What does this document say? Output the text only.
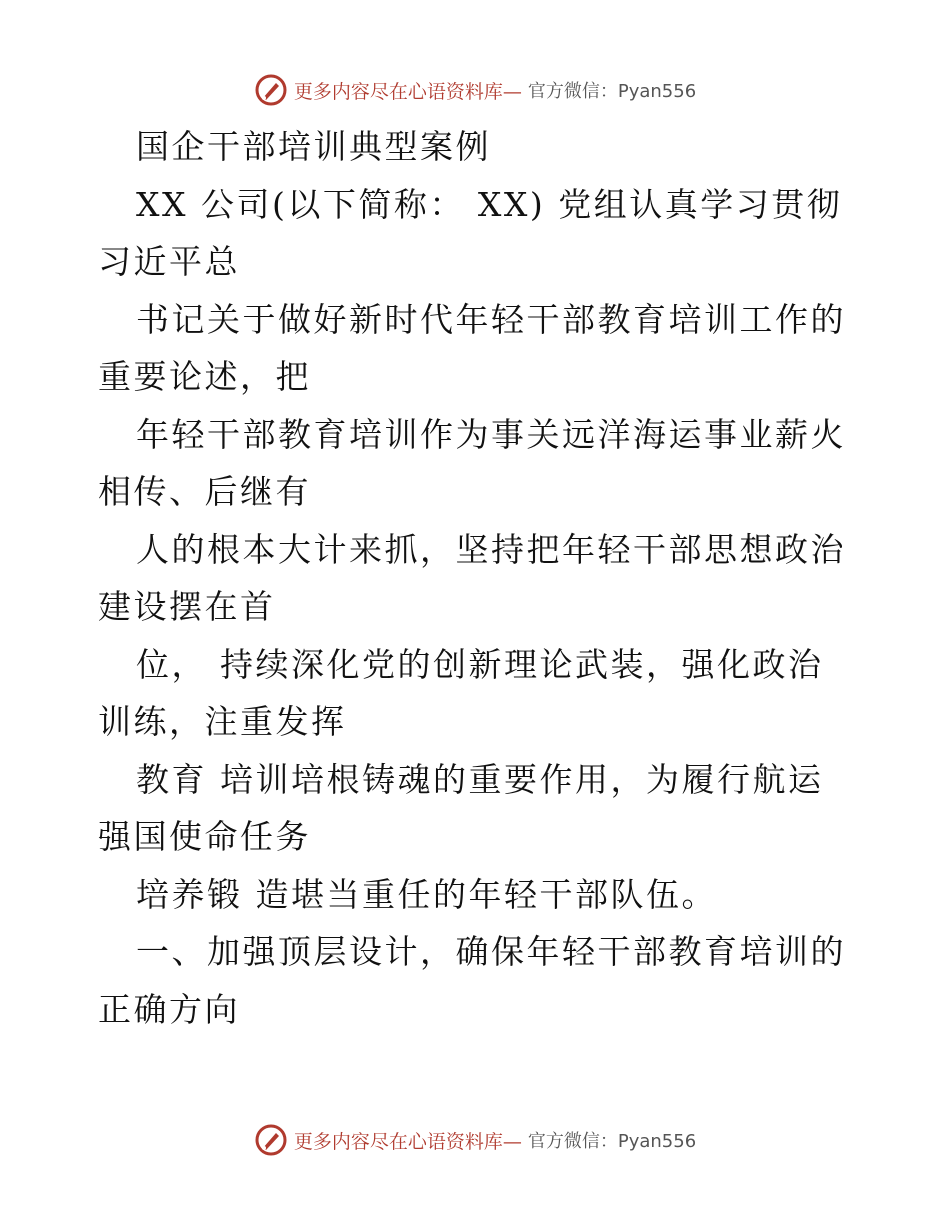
更多内容尽在心语资料库— 官方微信：Pyan556

国企干部培训典型案例

XX 公司(以下简称： XX) 党组认真学习贯彻习近平总

书记关于做好新时代年轻干部教育培训工作的重要论述，把

年轻干部教育培训作为事关远洋海运事业薪火相传、后继有

人的根本大计来抓，坚持把年轻干部思想政治建设摆在首

位， 持续深化党的创新理论武装，强化政治训练，注重发挥

教育 培训培根铸魂的重要作用，为履行航运强国使命任务

培养锻 造堪当重任的年轻干部队伍。

一、加强顶层设计，确保年轻干部教育培训的正确方向

更多内容尽在心语资料库— 官方微信：Pyan556
